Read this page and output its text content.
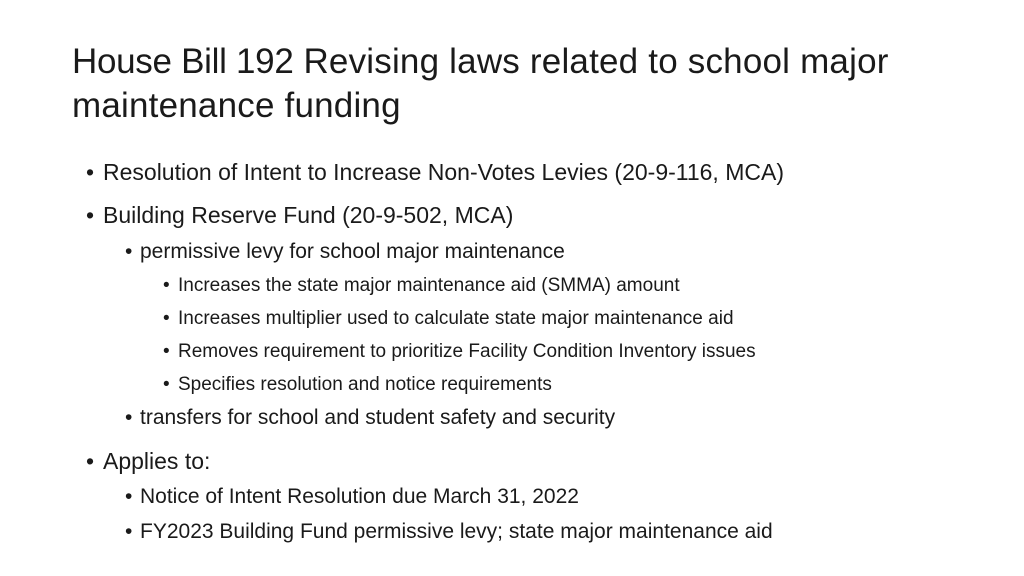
House Bill 192 Revising laws related to school major maintenance funding
• Resolution of Intent to Increase Non-Votes Levies (20-9-116, MCA)
• Building Reserve Fund (20-9-502, MCA)
• permissive levy for school major maintenance
• Increases the state major maintenance aid (SMMA) amount
• Increases multiplier used to calculate state major maintenance aid
• Removes requirement to prioritize Facility Condition Inventory issues
• Specifies resolution and notice requirements
• transfers for school and student safety and security
• Applies to:
• Notice of Intent Resolution due March 31, 2022
• FY2023 Building Fund permissive levy; state major maintenance aid
